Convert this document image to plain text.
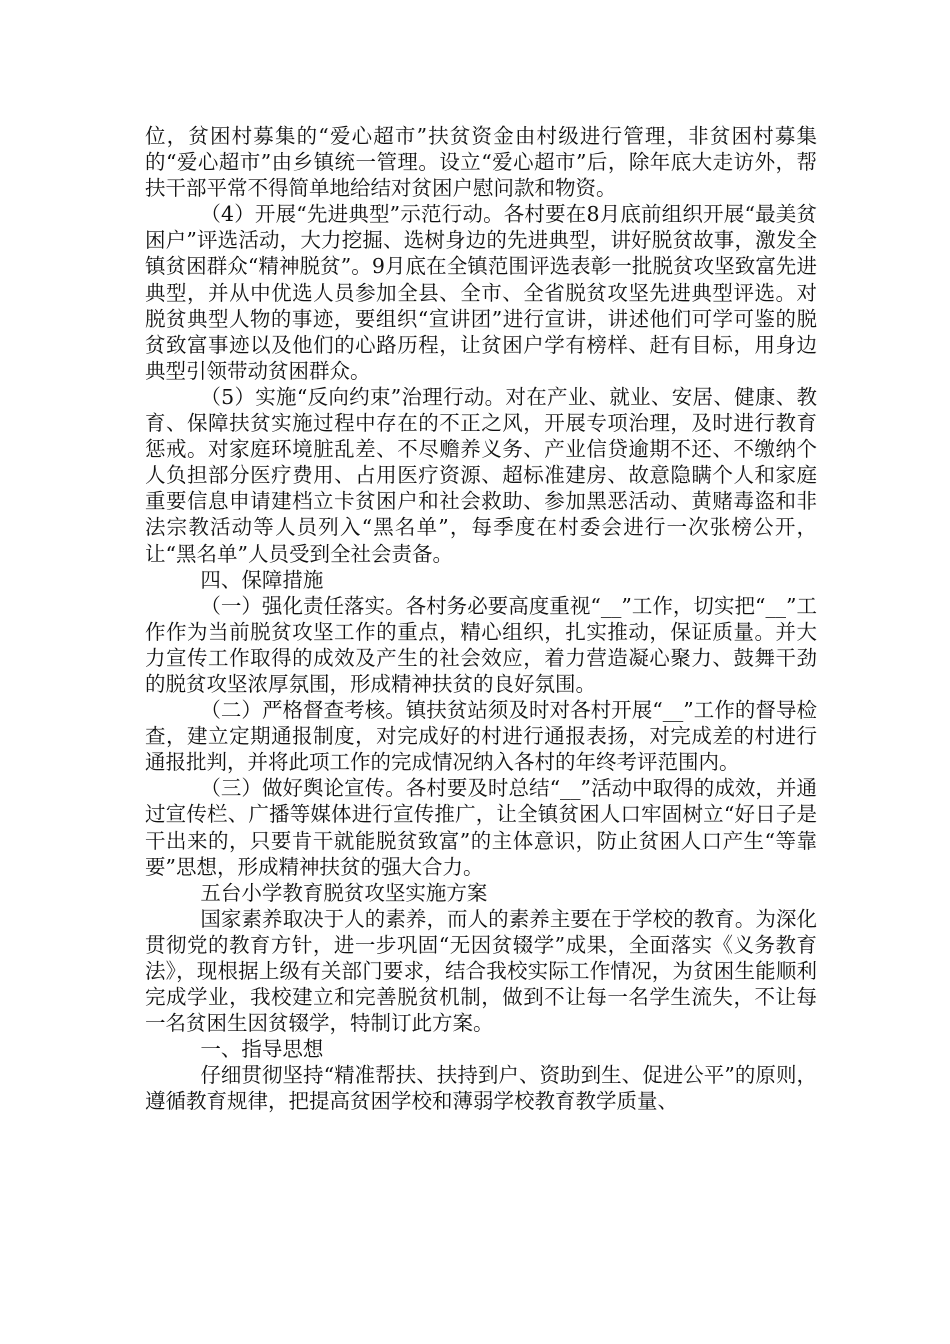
位，贫困村募集的“爱心超市”扶贫资金由村级进行管理，非贫困村募集的“爱心超市”由乡镇统一管理。设立“爱心超市”后，除年底大走访外，帮扶干部平常不得简单地给结对贫困户慰问款和物资。

（4）开展“先进典型”示范行动。各村要在8月底前组织开展“最美贫困户”评选活动，大力挖掘、选树身边的先进典型，讲好脱贫故事，激发全镇贫困群众“精神脱贫”。9月底在全镇范围评选表彰一批脱贫攻坚致富先进典型，并从中优选人员参加全县、全市、全省脱贫攻坚先进典型评选。对脱贫典型人物的事迹，要组织“宣讲团”进行宣讲，讲述他们可学可鉴的脱贫致富事迹以及他们的心路历程，让贫困户学有榜样、赶有目标，用身边典型引领带动贫困群众。

（5）实施“反向约束”治理行动。对在产业、就业、安居、健康、教育、保障扶贫实施过程中存在的不正之风，开展专项治理，及时进行教育惩戒。对家庭环境脏乱差、不尽赡养义务、产业信贷逾期不还、不缴纳个人负担部分医疗费用、占用医疗资源、超标准建房、故意隐瞒个人和家庭重要信息申请建档立卡贫困户和社会救助、参加黑恶活动、黄赌毒盗和非法宗教活动等人员列入“黑名单”，每季度在村委会进行一次张榜公开，让“黑名单”人员受到全社会责备。

四、保障措施

（一）强化责任落实。各村务必要高度重视“__”工作，切实把“__”工作作为当前脱贫攻坚工作的重点，精心组织，扎实推动，保证质量。并大力宣传工作取得的成效及产生的社会效应，着力营造凝心聚力、鼓舞干劲的脱贫攻坚浓厚氛围，形成精神扶贫的良好氛围。

（二）严格督查考核。镇扶贫站须及时对各村开展“__”工作的督导检查，建立定期通报制度，对完成好的村进行通报表扬，对完成差的村进行通报批判，并将此项工作的完成情况纳入各村的年终考评范围内。

（三）做好舆论宣传。各村要及时总结“__”活动中取得的成效，并通过宣传栏、广播等媒体进行宣传推广，让全镇贫困人口牢固树立“好日子是干出来的，只要肯干就能脱贫致富”的主体意识，防止贫困人口产生“等靠要”思想，形成精神扶贫的强大合力。

五台小学教育脱贫攻坚实施方案

国家素养取决于人的素养，而人的素养主要在于学校的教育。为深化贯彻党的教育方针，进一步巩固“无因贫辍学”成果，全面落实《义务教育法》，现根据上级有关部门要求，结合我校实际工作情况，为贫困生能顺利完成学业，我校建立和完善脱贫机制，做到不让每一名学生流失，不让每一名贫困生因贫辍学，特制订此方案。

一、指导思想

仔细贯彻坚持“精准帮扶、扶持到户、资助到生、促进公平”的原则，遵循教育规律，把提高贫困学校和薄弱学校教育教学质量、
